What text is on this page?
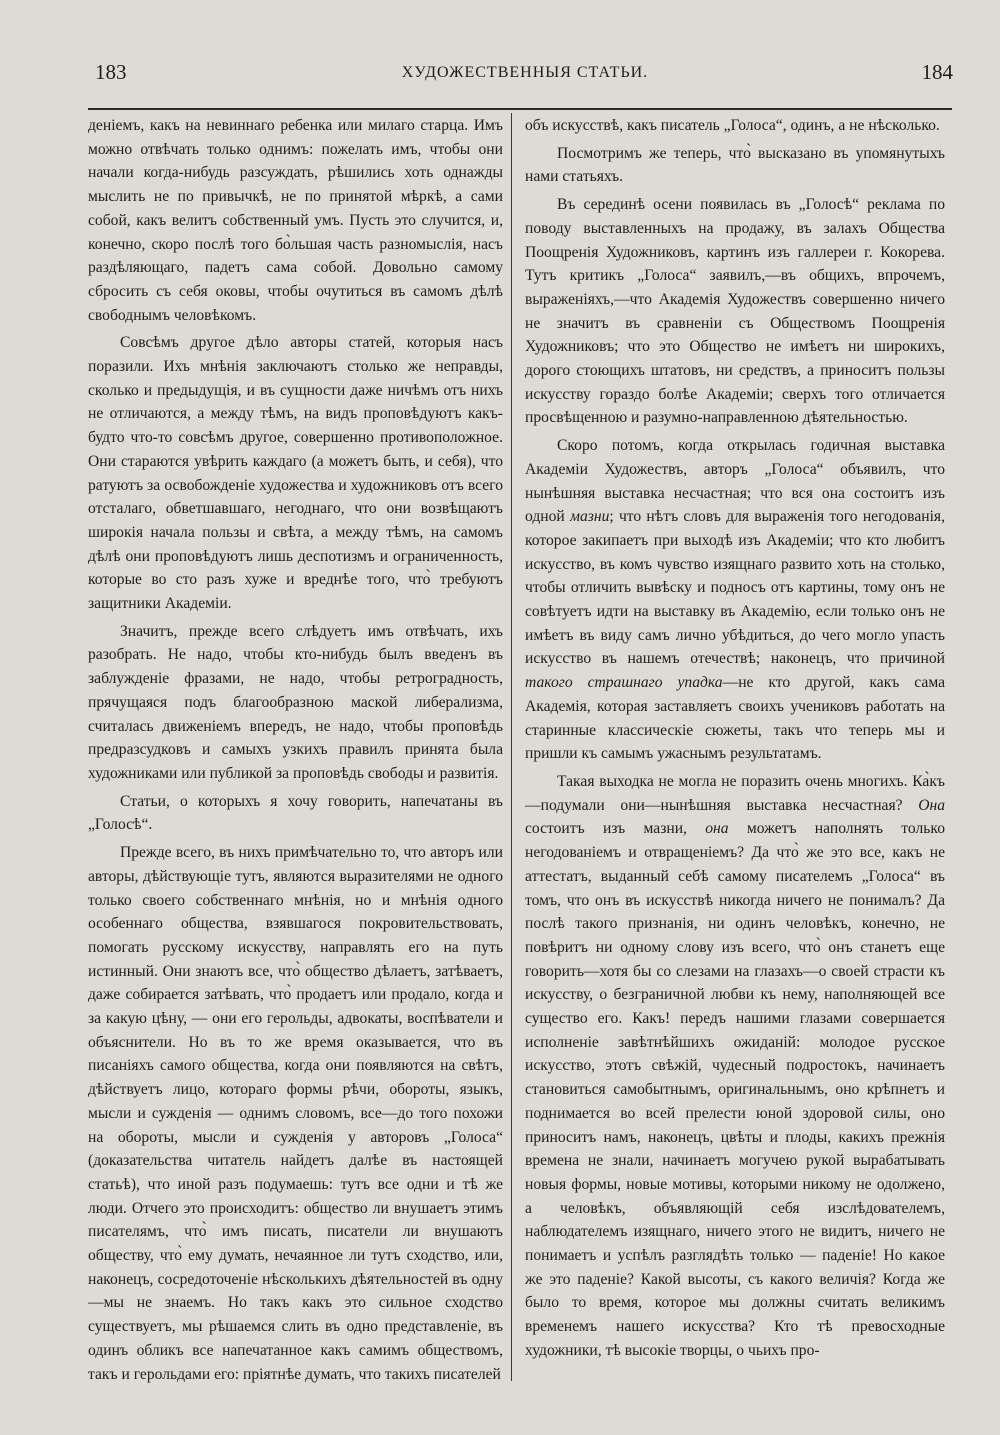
183	ХУДОЖЕСТВЕННЫЯ СТАТЬИ.	184

деніемъ, какъ на невиннаго ребенка или милаго старца. Имъ можно отвѣчать только однимъ: пожелать имъ, чтобы они начали когда-нибудь разсуждать, рѣшились хоть однажды мыслить не по привычкѣ, не по принятой мѣркѣ, а сами собой, какъ велитъ собственный умъ. Пусть это случится, и, конечно, скоро послѣ того бо̀льшая часть разномыслія, насъ раздѣляющаго, падетъ сама собой. Довольно самому сбросить съ себя оковы, чтобы очутиться въ самомъ дѣлѣ свободнымъ человѣкомъ.

Совсѣмъ другое дѣло авторы статей, которыя насъ поразили. Ихъ мнѣнія заключаютъ столько же неправды, сколько и предыдущія, и въ сущности даже ничѣмъ отъ нихъ не отличаются, а между тѣмъ, на видъ проповѣдуютъ какъ-будто что-то совсѣмъ другое, совершенно противоположное. Они стараются увѣрить каждаго (а можетъ быть, и себя), что ратуютъ за освобожденіе художества и художниковъ отъ всего отсталаго, обветшавшаго, негоднаго, что они возвѣщаютъ широкія начала пользы и свѣта, а между тѣмъ, на самомъ дѣлѣ они проповѣдуютъ лишь деспотизмъ и ограниченность, которые во сто разъ хуже и вреднѣе того, что̀ требуютъ защитники Академіи.

Значитъ, прежде всего слѣдуетъ имъ отвѣчать, ихъ разобрать. Не надо, чтобы кто-нибудь былъ введенъ въ заблужденіе фразами, не надо, чтобы ретроградность, прячущаяся подъ благообразною маской либерализма, считалась движеніемъ впередъ, не надо, чтобы проповѣдь предразсудковъ и самыхъ узкихъ правилъ принята была художниками или публикой за проповѣдь свободы и развитія.

Статьи, о которыхъ я хочу говорить, напечатаны въ „Голосѣ“.

Прежде всего, въ нихъ примѣчательно то, что авторъ или авторы, дѣйствующіе тутъ, являются выразителями не одного только своего собственнаго мнѣнія, но и мнѣнія одного особеннаго общества, взявшагося покровительствовать, помогать русскому искусству, направлять его на путь истинный. Они знаютъ все, что̀ общество дѣлаетъ, затѣваетъ, даже собирается затѣвать, что̀ продаетъ или продало, когда и за какую цѣну, — они его герольды, адвокаты, воспѣватели и объяснители. Но въ то же время оказывается, что въ писаніяхъ самого общества, когда они появляются на свѣтъ, дѣйствуетъ лицо, котораго формы рѣчи, обороты, языкъ, мысли и сужденія — однимъ словомъ, все—до того похожи на обороты, мысли и сужденія у авторовъ „Голоса“ (доказательства читатель найдетъ далѣе въ настоящей статьѣ), что иной разъ подумаешь: тутъ все одни и тѣ же люди. Отчего это происходитъ: общество ли внушаетъ этимъ писателямъ, что̀ имъ писать, писатели ли внушаютъ обществу, что̀ ему думать, нечаянное ли тутъ сходство, или, наконецъ, сосредоточеніе нѣсколькихъ дѣятельностей въ одну—мы не знаемъ. Но такъ какъ это сильное сходство существуетъ, мы рѣшаемся слить въ одно представленіе, въ одинъ обликъ все напечатанное какъ самимъ обществомъ, такъ и герольдами его: пріятнѣе думать, что такихъ писателей

объ искусствѣ, какъ писатель „Голоса“, одинъ, а не нѣсколько.

Посмотримъ же теперь, что̀ высказано въ упомянутыхъ нами статьяхъ.

Въ серединѣ осени появилась въ „Голосѣ“ реклама по поводу выставленныхъ на продажу, въ залахъ Общества Поощренія Художниковъ, картинъ изъ галлереи г. Кокорева. Тутъ критикъ „Голоса“ заявилъ,—въ общихъ, впрочемъ, выраженіяхъ,—что Академія Художествъ совершенно ничего не значитъ въ сравненіи съ Обществомъ Поощренія Художниковъ; что это Общество не имѣетъ ни широкихъ, дорого стоющихъ штатовъ, ни средствъ, а приноситъ пользы искусству гораздо болѣе Академіи; сверхъ того отличается просвѣщенною и разумно-направленною дѣятельностью.

Скоро потомъ, когда открылась годичная выставка Академіи Художествъ, авторъ „Голоса“ объявилъ, что нынѣшняя выставка несчастная; что вся она состоитъ изъ одной мазни; что нѣтъ словъ для выраженія того негодованія, которое закипаетъ при выходѣ изъ Академіи; что кто любитъ искусство, въ комъ чувство изящнаго развито хоть на столько, чтобы отличить вывѣску и подносъ отъ картины, тому онъ не совѣтуетъ идти на выставку въ Академію, если только онъ не имѣетъ въ виду самъ лично убѣдиться, до чего могло упасть искусство въ нашемъ отечествѣ; наконецъ, что причиной такого страшнаго упадка—не кто другой, какъ сама Академія, которая заставляетъ своихъ учениковъ работать на старинные классическіе сюжеты, такъ что теперь мы и пришли къ самымъ ужаснымъ результатамъ.

Такая выходка не могла не поразить очень многихъ. Ка̀къ—подумали они—нынѣшняя выставка несчастная? Она состоитъ изъ мазни, она можетъ наполнять только негодованіемъ и отвращеніемъ? Да что̀ же это все, какъ не аттестатъ, выданный себѣ самому писателемъ „Голоса“ въ томъ, что онъ въ искусствѣ никогда ничего не понималъ? Да послѣ такого признанія, ни одинъ человѣкъ, конечно, не повѣритъ ни одному слову изъ всего, что̀ онъ станетъ еще говорить—хотя бы со слезами на глазахъ—о своей страсти къ искусству, о безграничной любви къ нему, наполняющей все существо его. Какъ! передъ нашими глазами совершается исполненіе завѣтнѣйшихъ ожиданій: молодое русское искусство, этотъ свѣжій, чудесный подростокъ, начинаетъ становиться самобытнымъ, оригинальнымъ, оно крѣпнетъ и поднимается во всей прелести юной здоровой силы, оно приноситъ намъ, наконецъ, цвѣты и плоды, какихъ прежнія времена не знали, начинаетъ могучею рукой вырабатывать новыя формы, новые мотивы, которыми никому не одолжено, а человѣкъ, объявляющій себя изслѣдователемъ, наблюдателемъ изящнаго, ничего этого не видитъ, ничего не понимаетъ и успѣлъ разглядѣть только — паденіе! Но какое же это паденіе? Какой высоты, съ какого величія? Когда же было то время, которое мы должны считать великимъ временемъ нашего искусства? Кто тѣ превосходные художники, тѣ высокіе творцы, о чьихъ про-
